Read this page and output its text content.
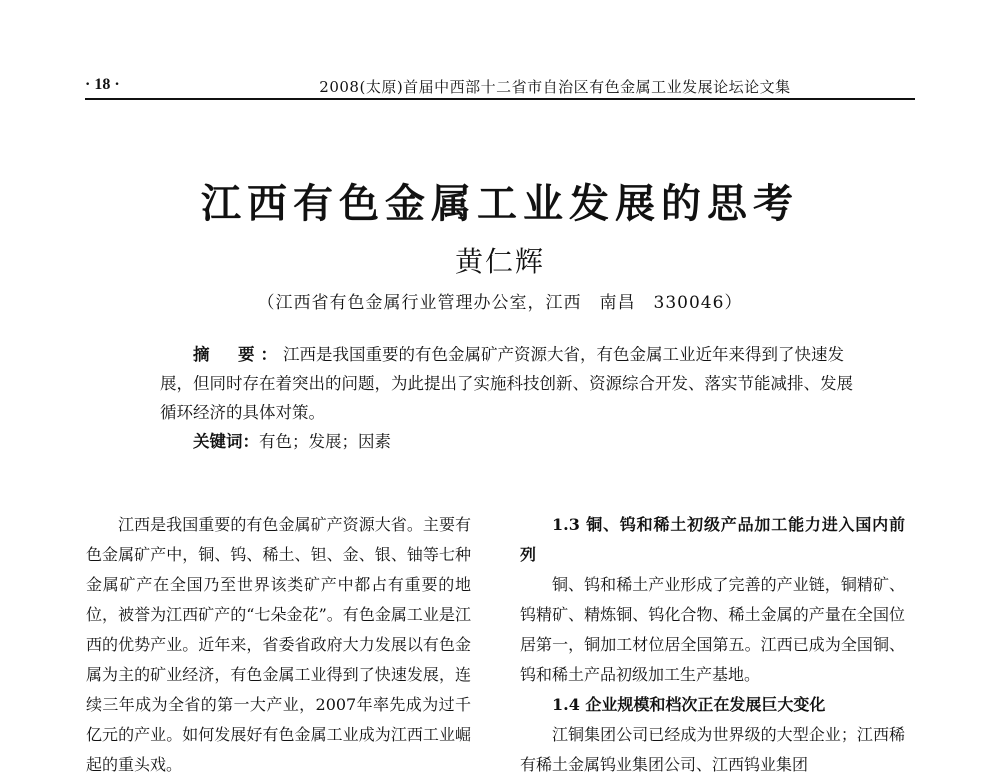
· 18 ·	2008(太原)首届中西部十二省市自治区有色金属工业发展论坛论文集
江西有色金属工业发展的思考
黄仁辉
（江西省有色金属行业管理办公室，江西　南昌　330046）

摘　要：江西是我国重要的有色金属矿产资源大省，有色金属工业近年来得到了快速发展，但同时存在着突出的问题，为此提出了实施科技创新、资源综合开发、落实节能减排、发展循环经济的具体对策。

关键词：有色；发展；因素

江西是我国重要的有色金属矿产资源大省。主要有色金属矿产中，铜、钨、稀土、钽、金、银、铀等七种金属矿产在全国乃至世界该类矿产中都占有重要的地位，被誉为江西矿产的“七朵金花”。有色金属工业是江西的优势产业。近年来，省委省政府大力发展以有色金属为主的矿业经济，有色金属工业得到了快速发展，连续三年成为全省的第一大产业，2007年率先成为过千亿元的产业。如何发展好有色金属工业成为江西工业崛起的重头戏。

1.3 铜、钨和稀土初级产品加工能力进入国内前列

铜、钨和稀土产业形成了完善的产业链，铜精矿、钨精矿、精炼铜、钨化合物、稀土金属的产量在全国位居第一，铜加工材位居全国第五。江西已成为全国铜、钨和稀土产品初级加工生产基地。

1.4 企业规模和档次正在发展巨大变化

江铜集团公司已经成为世界级的大型企业；江西稀有稀土金属钨业集团公司、江西钨业集团
